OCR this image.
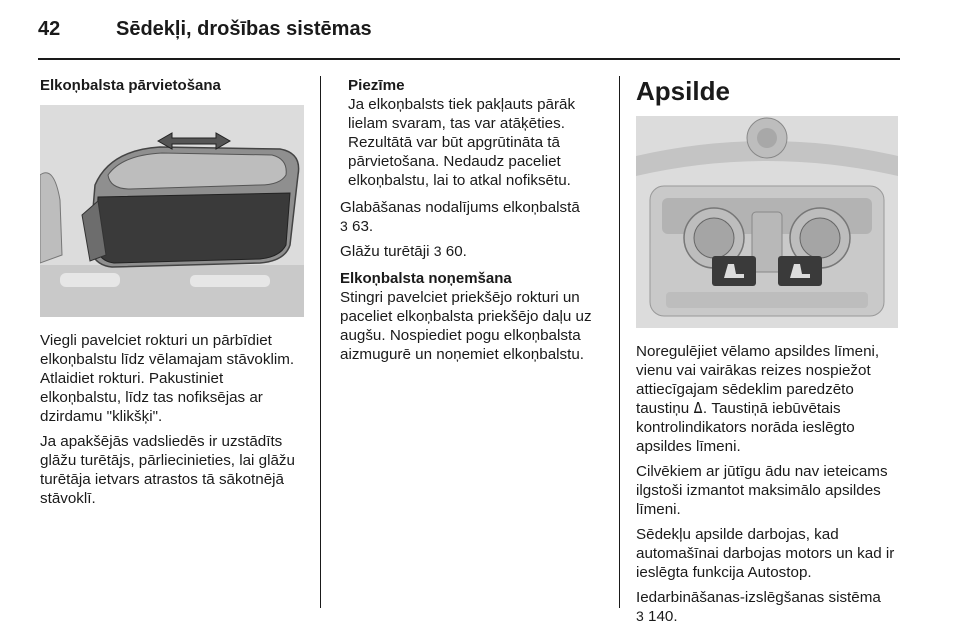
42	Sēdekļi, drošības sistēmas
Elkoņbalsta pārvietošana

Viegli pavelciet rokturi un pārbīdiet elkoņbalstu līdz vēlamajam stāvoklim. Atlaidiet rokturi. Pakustiniet elkoņbalstu, līdz tas nofiksējas ar dzirdamu "klikšķi".

Ja apakšējās vadsliedēs ir uzstādīts glāžu turētājs, pārliecinieties, lai glāžu turētāja ietvars atrastos tā sākotnējā stāvoklī.

Piezīme
Ja elkoņbalsts tiek pakļauts pārāk lielam svaram, tas var atāķēties. Rezultātā var būt apgrūtināta tā pārvietošana. Nedaudz paceliet elkoņbalstu, lai to atkal nofiksētu.

Glabāšanas nodalījums elkoņbalstā
3 63.

Glāžu turētāji 3 60.

Elkoņbalsta noņemšana

Stingri pavelciet priekšējo rokturi un paceliet elkoņbalsta priekšējo daļu uz augšu. Nospiediet pogu elkoņbalsta aizmugurē un noņemiet elkoņbalstu.

Apsilde

Noregulējiet vēlamo apsildes līmeni, vienu vai vairākas reizes nospiežot attiecīgajam sēdeklim paredzēto taustiņu ߡ. Taustiņā iebūvētais kontrolindikators norāda ieslēgto apsildes līmeni.

Cilvēkiem ar jūtīgu ādu nav ieteicams ilgstoši izmantot maksimālo apsildes līmeni.

Sēdekļu apsilde darbojas, kad automašīnai darbojas motors un kad ir ieslēgta funkcija Autostop.

Iedarbināšanas-izslēgšanas sistēma
3 140.
